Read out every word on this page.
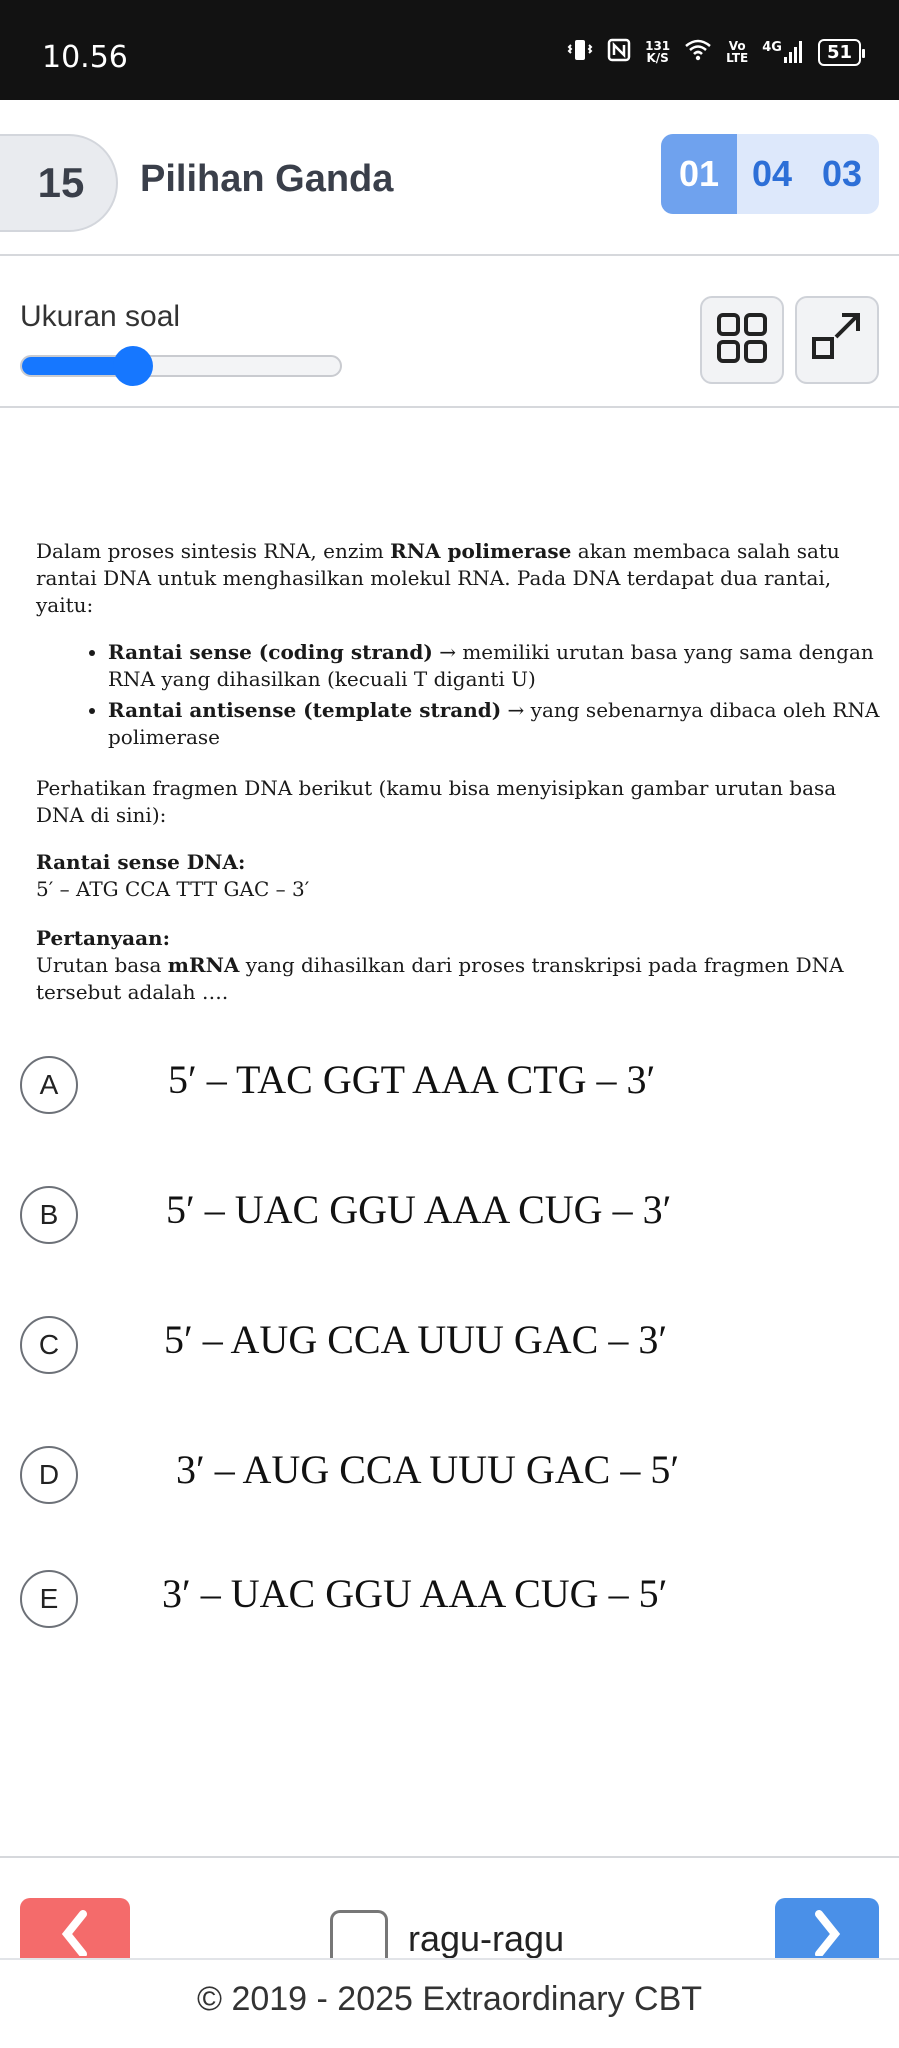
10.56	131
K/S
Vo
LTE
4G	51
15	Pilihan Ganda	01 04 03
Ukuran soal

Dalam proses sintesis RNA, enzim RNA polimerase akan membaca salah satu rantai DNA untuk menghasilkan molekul RNA. Pada DNA terdapat dua rantai, yaitu:

• Rantai sense (coding strand) → memiliki urutan basa yang sama dengan RNA yang dihasilkan (kecuali T diganti U)
• Rantai antisense (template strand) → yang sebenarnya dibaca oleh RNA polimerase

Perhatikan fragmen DNA berikut (kamu bisa menyisipkan gambar urutan basa DNA di sini):

Rantai sense DNA:
5′ – ATG CCA TTT GAC – 3′
Pertanyaan:
Urutan basa mRNA yang dihasilkan dari proses transkripsi pada fragmen DNA tersebut adalah ….
A	5′ – TAC GGT AAA CTG – 3′
B	5′ – UAC GGU AAA CUG – 3′
C	5′ – AUG CCA UUU GAC – 3′
D	3′ – AUG CCA UUU GAC – 5′
E	3′ – UAC GGU AAA CUG – 5′
ragu-ragu
© 2019 - 2025 Extraordinary CBT
